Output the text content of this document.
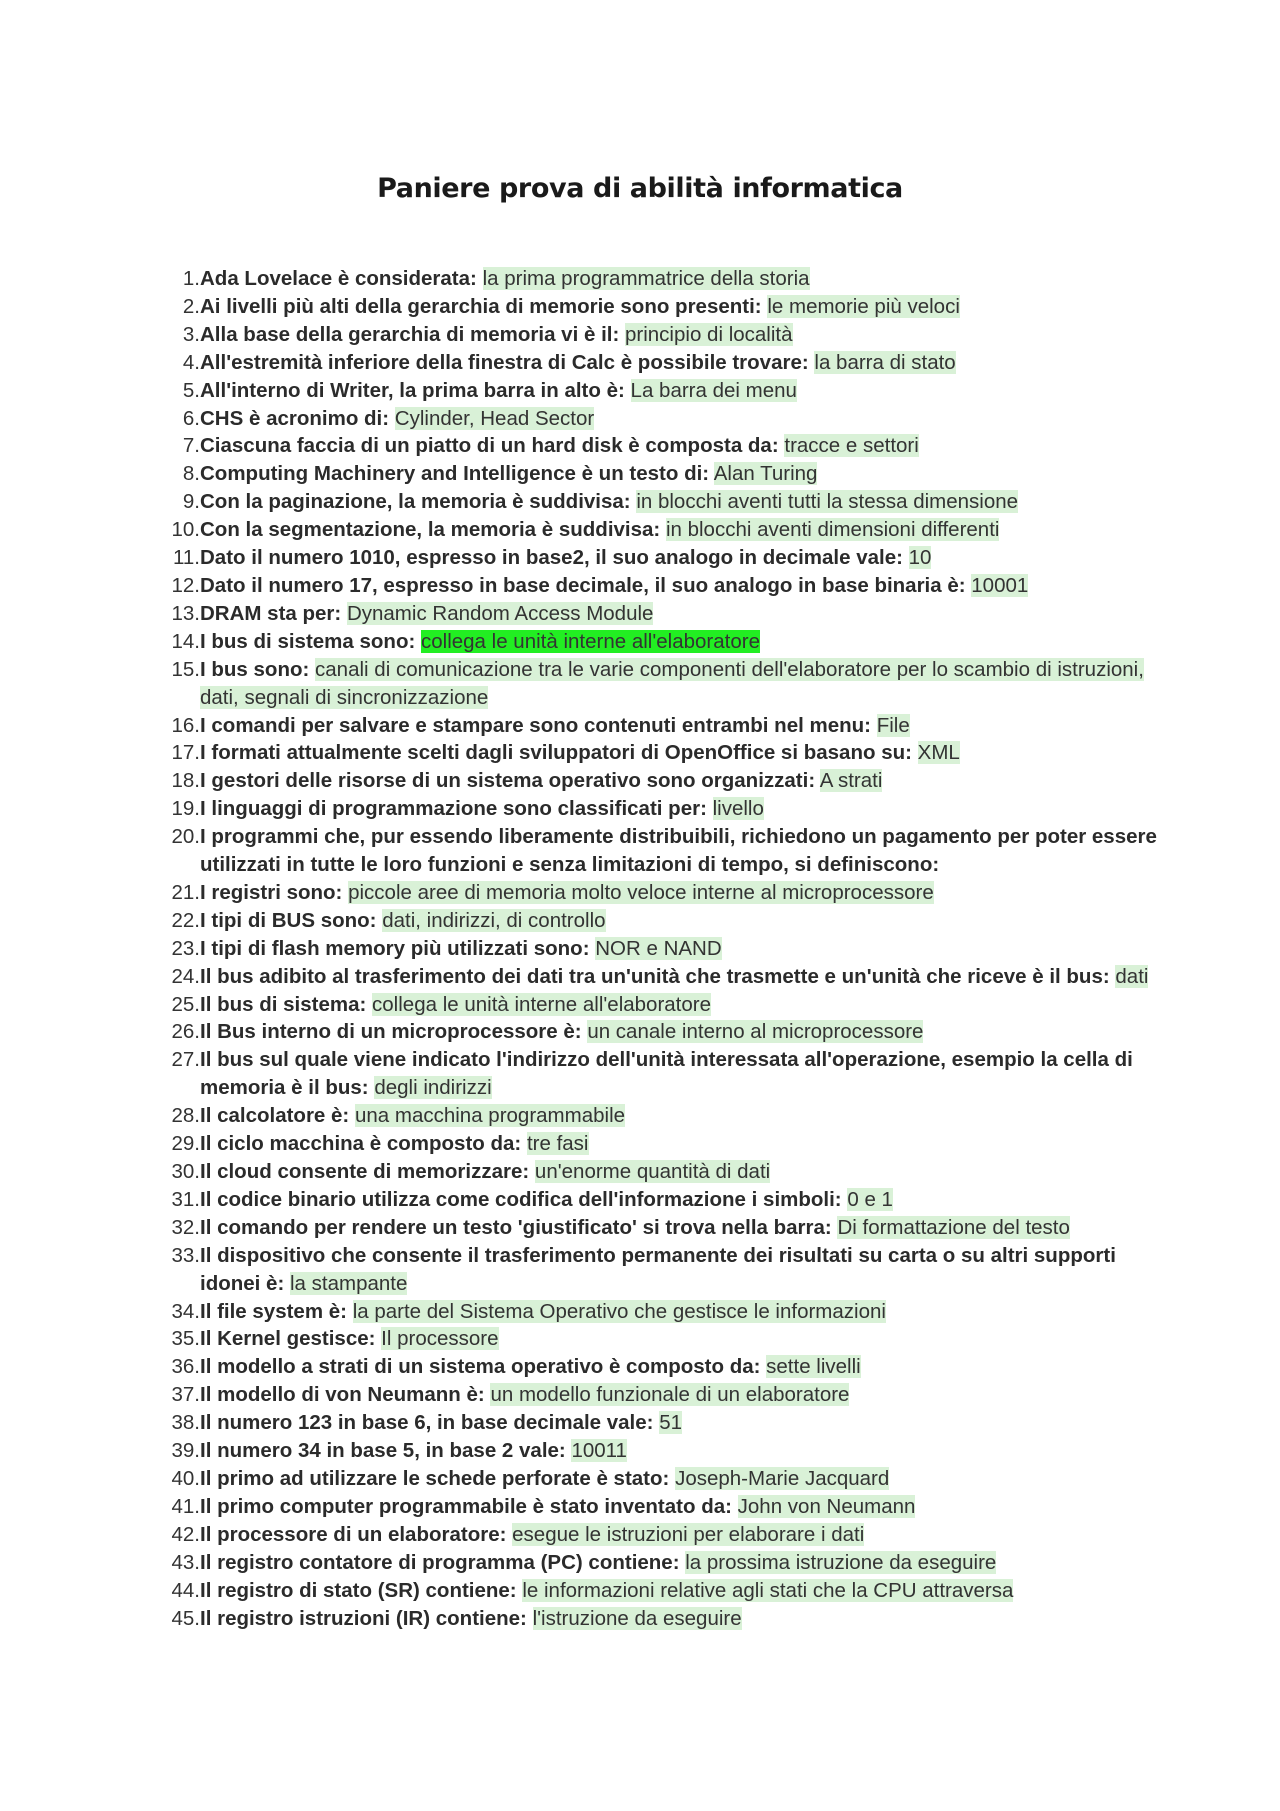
Paniere prova di abilità informatica
1. Ada Lovelace è considerata: la prima programmatrice della storia
2. Ai livelli più alti della gerarchia di memorie sono presenti: le memorie più veloci
3. Alla base della gerarchia di memoria vi è il: principio di località
4. All'estremità inferiore della finestra di Calc è possibile trovare: la barra di stato
5. All'interno di Writer, la prima barra in alto è: La barra dei menu
6. CHS è acronimo di: Cylinder, Head Sector
7. Ciascuna faccia di un piatto di un hard disk è composta da: tracce e settori
8. Computing Machinery and Intelligence è un testo di: Alan Turing
9. Con la paginazione, la memoria è suddivisa: in blocchi aventi tutti la stessa dimensione
10. Con la segmentazione, la memoria è suddivisa: in blocchi aventi dimensioni differenti
11. Dato il numero 1010, espresso in base2, il suo analogo in decimale vale: 10
12. Dato il numero 17, espresso in base decimale, il suo analogo in base binaria è: 10001
13. DRAM sta per: Dynamic Random Access Module
14. I bus di sistema sono: collega le unità interne all'elaboratore
15. I bus sono: canali di comunicazione tra le varie componenti dell'elaboratore per lo scambio di istruzioni, dati, segnali di sincronizzazione
16. I comandi per salvare e stampare sono contenuti entrambi nel menu: File
17. I formati attualmente scelti dagli sviluppatori di OpenOffice si basano su: XML
18. I gestori delle risorse di un sistema operativo sono organizzati: A strati
19. I linguaggi di programmazione sono classificati per: livello
20. I programmi che, pur essendo liberamente distribuibili, richiedono un pagamento per poter essere utilizzati in tutte le loro funzioni e senza limitazioni di tempo, si definiscono:
21. I registri sono: piccole aree di memoria molto veloce interne al microprocessore
22. I tipi di BUS sono: dati, indirizzi, di controllo
23. I tipi di flash memory più utilizzati sono: NOR e NAND
24. Il bus adibito al trasferimento dei dati tra un'unità che trasmette e un'unità che riceve è il bus: dati
25. Il bus di sistema: collega le unità interne all'elaboratore
26. Il Bus interno di un microprocessore è: un canale interno al microprocessore
27. Il bus sul quale viene indicato l'indirizzo dell'unità interessata all'operazione, esempio la cella di memoria è il bus: degli indirizzi
28. Il calcolatore è: una macchina programmabile
29. Il ciclo macchina è composto da: tre fasi
30. Il cloud consente di memorizzare: un'enorme quantità di dati
31. Il codice binario utilizza come codifica dell'informazione i simboli: 0 e 1
32. Il comando per rendere un testo 'giustificato' si trova nella barra: Di formattazione del testo
33. Il dispositivo che consente il trasferimento permanente dei risultati su carta o su altri supporti idonei è: la stampante
34. Il file system è: la parte del Sistema Operativo che gestisce le informazioni
35. Il Kernel gestisce: Il processore
36. Il modello a strati di un sistema operativo è composto da: sette livelli
37. Il modello di von Neumann è: un modello funzionale di un elaboratore
38. Il numero 123 in base 6, in base decimale vale: 51
39. Il numero 34 in base 5, in base 2 vale: 10011
40. Il primo ad utilizzare le schede perforate è stato: Joseph-Marie Jacquard
41. Il primo computer programmabile è stato inventato da: John von Neumann
42. Il processore di un elaboratore: esegue le istruzioni per elaborare i dati
43. Il registro contatore di programma (PC) contiene: la prossima istruzione da eseguire
44. Il registro di stato (SR) contiene: le informazioni relative agli stati che la CPU attraversa
45. Il registro istruzioni (IR) contiene: l'istruzione da eseguire
